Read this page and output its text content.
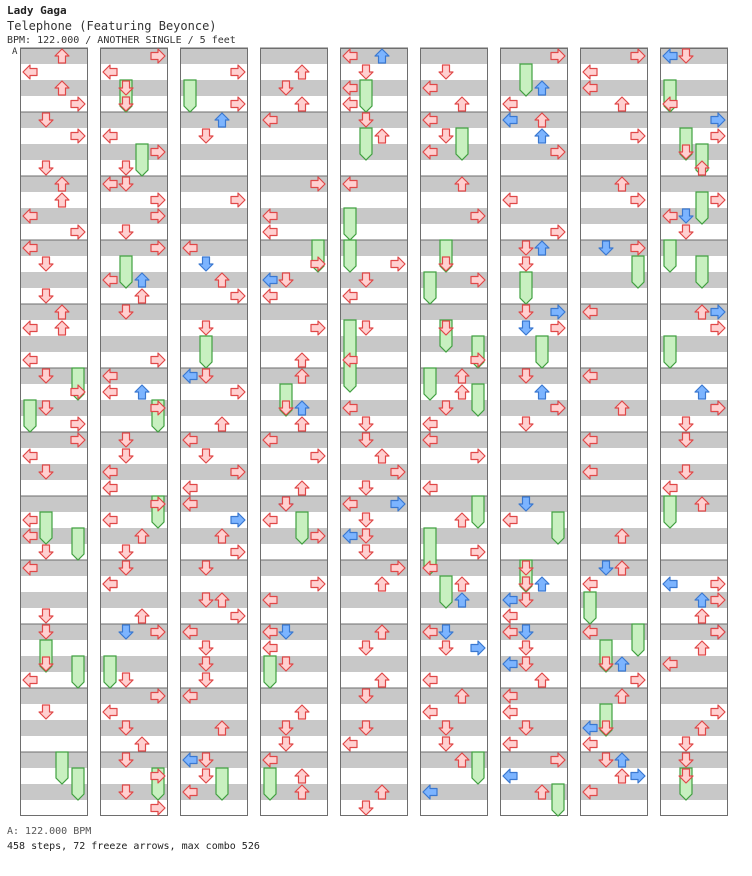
Lady Gaga
Telephone (Featuring Beyonce)
BPM: 122.000 / ANOTHER SINGLE / 5 feet
A
A: 122.000 BPM
458 steps, 72 freeze arrows, max combo 526
